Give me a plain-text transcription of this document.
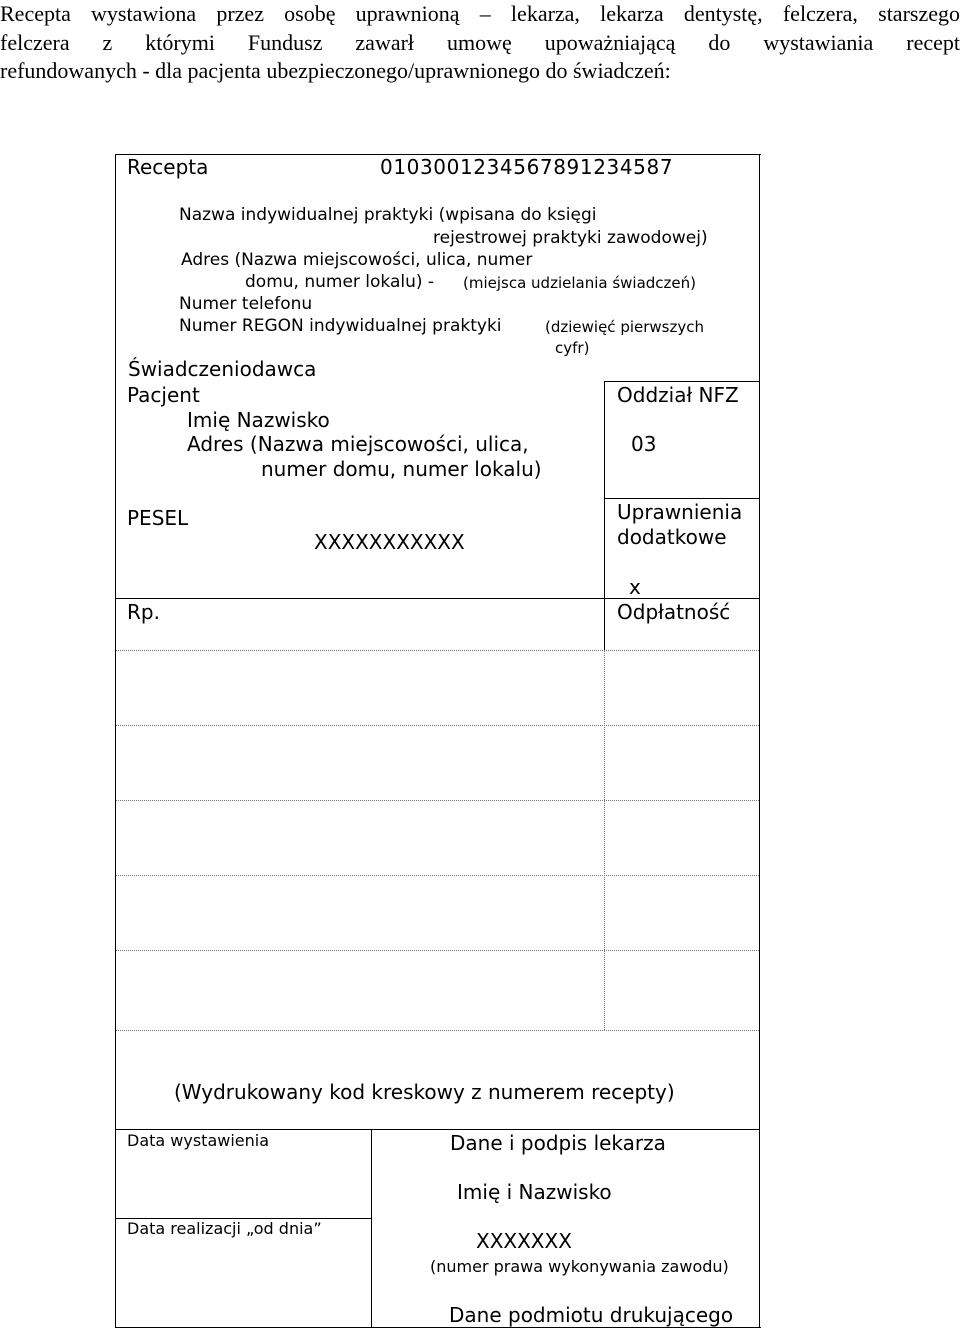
Recepta wystawiona przez osobę uprawnioną – lekarza, lekarza dentystę, felczera, starszego
felczera z którymi Fundusz zawarł umowę upoważniającą do wystawiania recept
refundowanych - dla pacjenta ubezpieczonego/uprawnionego do świadczeń:
Recepta	0103001234567891234587
Nazwa indywidualnej praktyki (wpisana do księgi
rejestrowej praktyki zawodowej)
Adres (Nazwa miejscowości, ulica, numer
domu, numer lokalu) - (miejsca udzielania świadczeń)
Numer telefonu
Numer REGON indywidualnej praktyki	(dziewięć pierwszych
cyfr)
Świadczeniodawca
Pacjent
Imię Nazwisko
Adres (Nazwa miejscowości, ulica,
numer domu, numer lokalu)
PESEL
XXXXXXXXXXX
Oddział NFZ
03
Uprawnienia
dodatkowe
x
Rp.	Odpłatność
(Wydrukowany kod kreskowy z numerem recepty)
Data wystawienia
Data realizacji „od dnia”
Dane i podpis lekarza
Imię i Nazwisko
XXXXXXX
(numer prawa wykonywania zawodu)
Dane podmiotu drukującego
